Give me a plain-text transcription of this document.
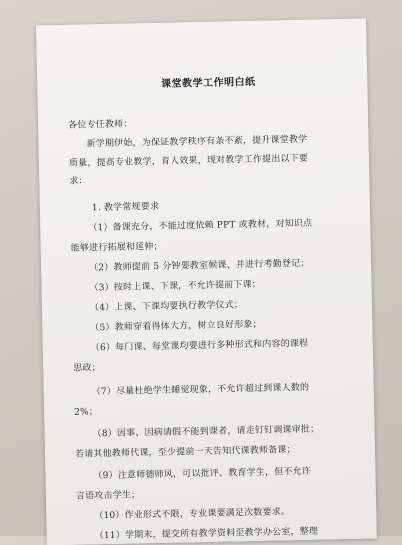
课堂教学工作明白纸
各位专任教师：
新学期伊始，为保证教学秩序有条不紊，提升课堂教学
质量，提高专业教学，育人效果，现对教学工作提出以下要
求：
1. 教学常规要求
（1）备课充分，不能过度依赖 PPT 或教材，对知识点
能够进行拓展和延伸；
（2）教师提前 5 分钟要教室候课，并进行考勤登记；
（3）按时上课、下课，不允许提前下课；
（4）上课、下课均要执行教学仪式；
（5）教师穿着得体大方，树立良好形象；
（6）每门课、每堂课均要进行多种形式和内容的课程
思政；
（7）尽量杜绝学生睡觉现象，不允许超过到课人数的
2%；
（8）因事、因病请假不能到课者，请走钉钉调课审批；
若请其他教师代课，至少提前一天告知代课教师备课；
（9）注意师德师风，可以批评、教育学生，但不允许
言语攻击学生；
（10）作业形式不限，专业课要满足次数要求。
（11）学期末，提交所有教学资料至教学办公室，整理
